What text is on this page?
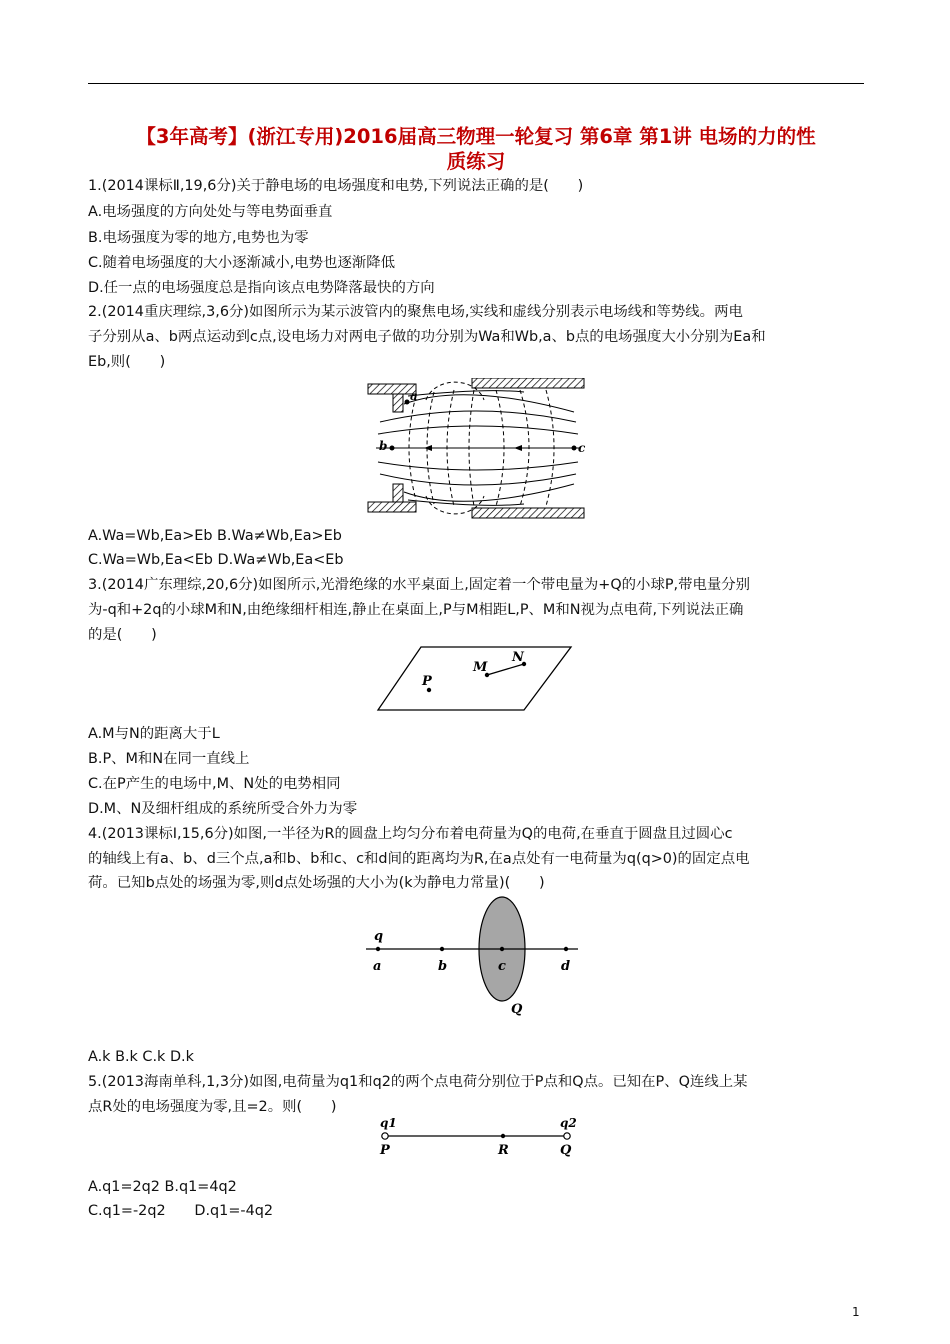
【3年高考】(浙江专用)2016届高三物理一轮复习 第6章 第1讲 电场的力的性
质练习
1.(2014课标Ⅱ,19,6分)关于静电场的电场强度和电势,下列说法正确的是(　　)
A.电场强度的方向处处与等电势面垂直
B.电场强度为零的地方,电势也为零
C.随着电场强度的大小逐渐减小,电势也逐渐降低
D.任一点的电场强度总是指向该点电势降落最快的方向
2.(2014重庆理综,3,6分)如图所示为某示波管内的聚焦电场,实线和虚线分别表示电场线和等势线。两电
子分别从a、b两点运动到c点,设电场力对两电子做的功分别为Wa和Wb,a、b点的电场强度大小分别为Ea和
Eb,则(　　)
a
b	c
A.Wa=Wb,Ea>Eb B.Wa≠Wb,Ea>Eb
C.Wa=Wb,Ea<Eb D.Wa≠Wb,Ea<Eb
3.(2014广东理综,20,6分)如图所示,光滑绝缘的水平桌面上,固定着一个带电量为+Q的小球P,带电量分别
为-q和+2q的小球M和N,由绝缘细杆相连,静止在桌面上,P与M相距L,P、M和N视为点电荷,下列说法正确
的是(　　)
M
N
P
A.M与N的距离大于L
B.P、M和N在同一直线上
C.在P产生的电场中,M、N处的电势相同
D.M、N及细杆组成的系统所受合外力为零
4.(2013课标Ⅰ,15,6分)如图,一半径为R的圆盘上均匀分布着电荷量为Q的电荷,在垂直于圆盘且过圆心c
的轴线上有a、b、d三个点,a和b、b和c、c和d间的距离均为R,在a点处有一电荷量为q(q>0)的固定点电
荷。已知b点处的场强为零,则d点处场强的大小为(k为静电力常量)(　　)
q
a	b	c	d
Q
A.k B.k C.k D.k
5.(2013海南单科,1,3分)如图,电荷量为q1和q2的两个点电荷分别位于P点和Q点。已知在P、Q连线上某
点R处的电场强度为零,且=2。则(　　)
q1	q2
P	R	Q
A.q1=2q2 B.q1=4q2
C.q1=-2q2　　D.q1=-4q2
1
